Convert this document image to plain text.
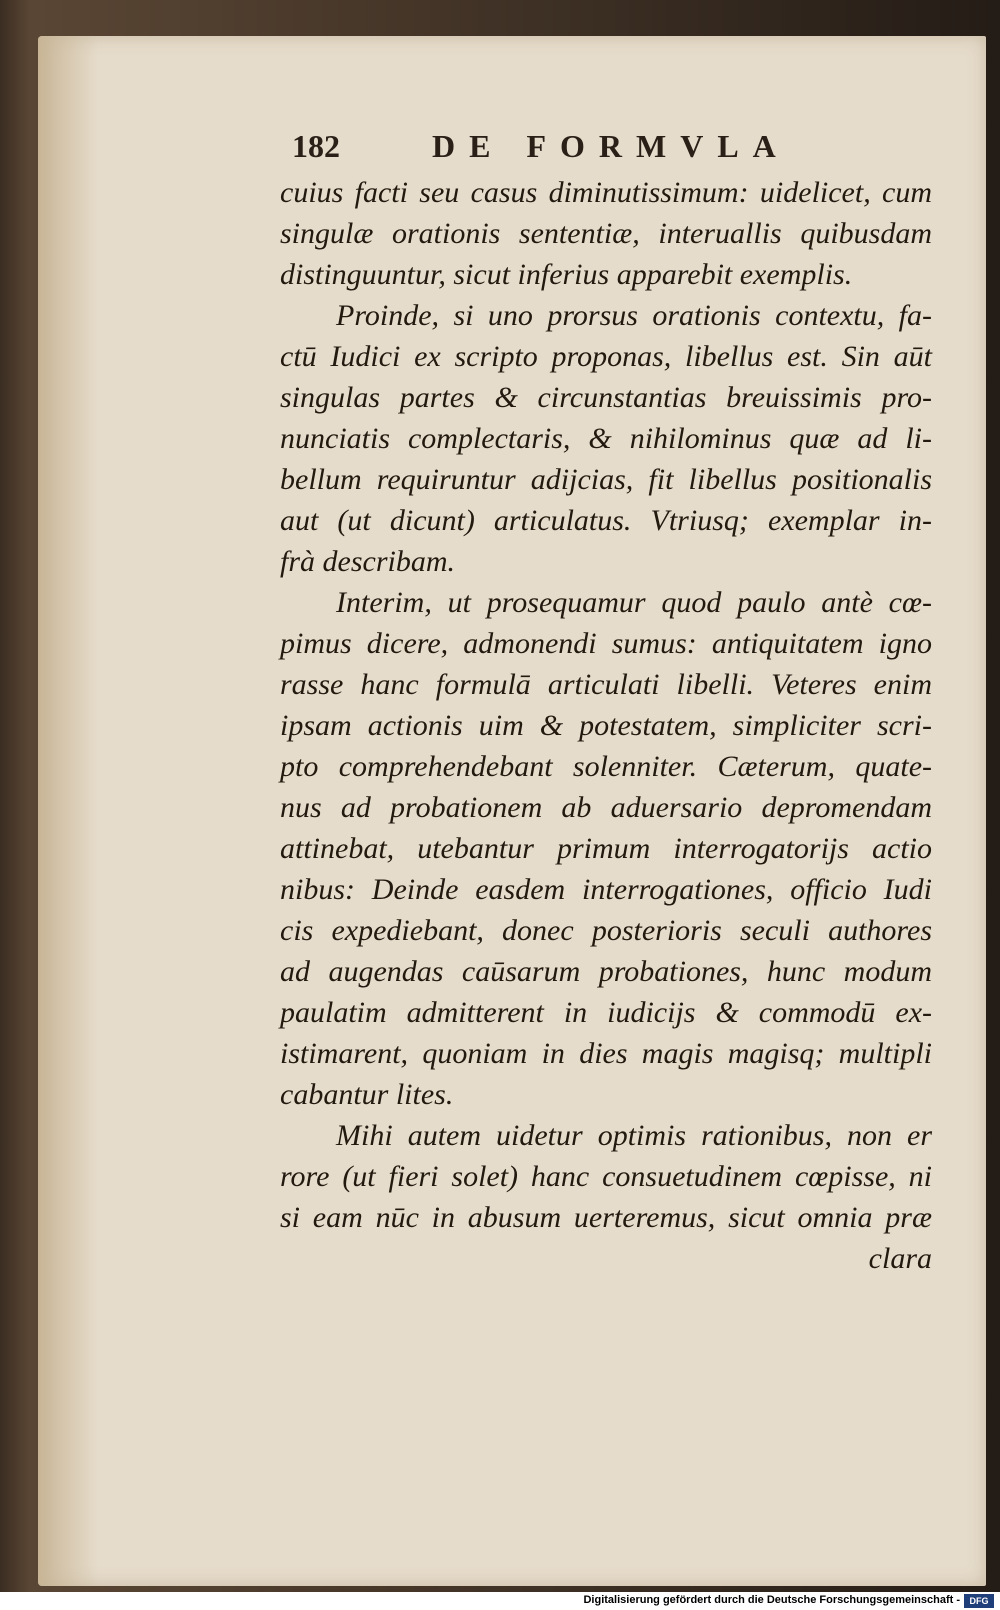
182	DE FORMVLA
cuius facti seu casus diminutissimum: uidelicet, cum
singulæ orationis sententiæ, interuallis quibusdam
distinguuntur, sicut inferius apparebit exemplis.
Proinde, si uno prorsus orationis contextu, fa-
ctū Iudici ex scripto proponas, libellus est. Sin aūt
singulas partes & circunstantias breuissimis pro-
nunciatis complectaris, & nihilominus quæ ad li-
bellum requiruntur adijcias, fit libellus positionalis
aut (ut dicunt) articulatus. Vtriusq; exemplar in-
frà describam.
Interim, ut prosequamur quod paulo antè cœ-
pimus dicere, admonendi sumus: antiquitatem igno
rasse hanc formulā articulati libelli. Veteres enim
ipsam actionis uim & potestatem, simpliciter scri-
pto comprehendebant solenniter. Cæterum, quate-
nus ad probationem ab aduersario depromendam
attinebat, utebantur primum interrogatorijs actio
nibus: Deinde easdem interrogationes, officio Iudi
cis expediebant, donec posterioris seculi authores
ad augendas caūsarum probationes, hunc modum
paulatim admitterent in iudicijs & commodū ex-
istimarent, quoniam in dies magis magisq; multipli
cabantur lites.
Mihi autem uidetur optimis rationibus, non er
rore (ut fieri solet) hanc consuetudinem cœpisse, ni
si eam nūc in abusum uerteremus, sicut omnia præ
clara
Digitalisierung gefördert durch die Deutsche Forschungsgemeinschaft -	DFG
